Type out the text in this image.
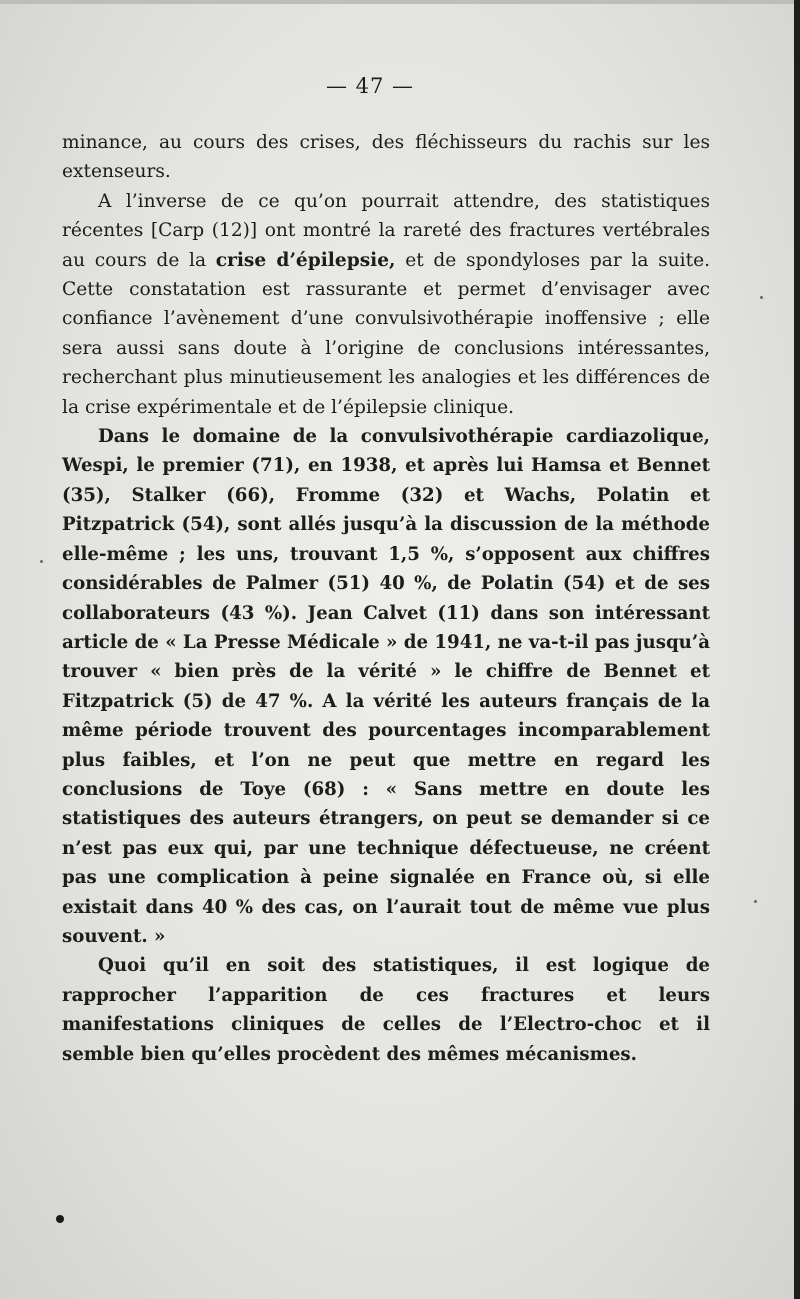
— 47 —

minance, au cours des crises, des fléchisseurs du rachis sur les extenseurs.

A l’inverse de ce qu’on pourrait attendre, des statistiques récentes [Carp (12)] ont montré la rareté des fractures vertébrales au cours de la crise d’épilepsie, et de spondyloses par la suite. Cette constatation est rassurante et permet d’envisager avec confiance l’avènement d’une convulsivothérapie inoffensive ; elle sera aussi sans doute à l’origine de conclusions intéressantes, recherchant plus minutieusement les analogies et les différences de la crise expérimentale et de l’épilepsie clinique.

Dans le domaine de la convulsivothérapie cardiazolique, Wespi, le premier (71), en 1938, et après lui Hamsa et Bennet (35), Stalker (66), Fromme (32) et Wachs, Polatin et Pitzpatrick (54), sont allés jusqu’à la discussion de la méthode elle-même ; les uns, trouvant 1,5 %, s’opposent aux chiffres considérables de Palmer (51) 40 %, de Polatin (54) et de ses collaborateurs (43 %). Jean Calvet (11) dans son intéressant article de « La Presse Médicale » de 1941, ne va-t-il pas jusqu’à trouver « bien près de la vérité » le chiffre de Bennet et Fitzpatrick (5) de 47 %. A la vérité les auteurs français de la même période trouvent des pourcentages incomparablement plus faibles, et l’on ne peut que mettre en regard les conclusions de Toye (68) : « Sans mettre en doute les statistiques des auteurs étrangers, on peut se demander si ce n’est pas eux qui, par une technique défectueuse, ne créent pas une complication à peine signalée en France où, si elle existait dans 40 % des cas, on l’aurait tout de même vue plus souvent. »

Quoi qu’il en soit des statistiques, il est logique de rapprocher l’apparition de ces fractures et leurs manifestations cliniques de celles de l’Electro-choc et il semble bien qu’elles procèdent des mêmes mécanismes.
